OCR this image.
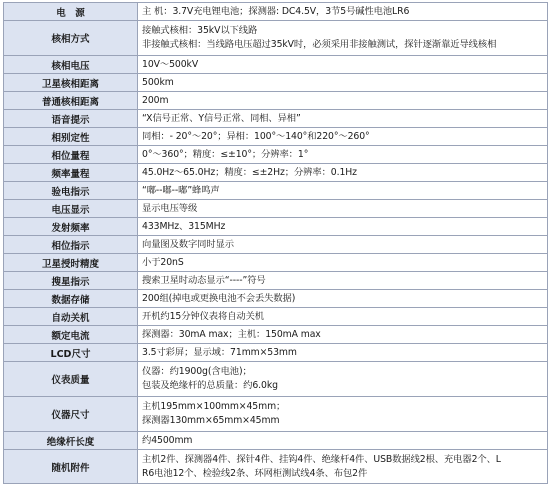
电　源	主 机：3.7V充电锂电池；探测器: DC4.5V，3节5号碱性电池LR6

核相方式	接触式核相：35kV以下线路
非接触式核相：当线路电压超过35kV时，必须采用非接触测试，探针逐渐靠近导线核相

核相电压	10V～500kV

卫星核相距离	500km

普通核相距离	200m

语音提示	“X信号正常、Y信号正常、同相、异相”

相别定性	同相：- 20°～20°；异相：100°～140°和220°～260°

相位量程	0°～360°；精度：≤±10°；分辨率：1°

频率量程	45.0Hz～65.0Hz；精度：≤±2Hz；分辨率：0.1Hz

验电指示	“嘟--嘟--嘟”蜂鸣声

电压显示	显示电压等级

发射频率	433MHz、315MHz

相位指示	向量图及数字同时显示

卫星授时精度	小于20nS

搜星指示	搜索卫星时动态显示“----”符号

数据存储	200组(掉电或更换电池不会丢失数据)

自动关机	开机约15分钟仪表将自动关机

额定电流	探测器：30mA max；主机：150mA max

LCD尺寸	3.5寸彩屏；显示域：71mm×53mm

仪表质量	仪器：约1900g(含电池)；
包装及绝缘杆的总质量：约6.0kg

仪器尺寸	主机195mm×100mm×45mm；
探测器130mm×65mm×45mm

绝缘杆长度	约4500mm

随机附件	主机2件、探测器4件、探针4件、挂钩4件、绝缘杆4件、USB数据线2根、充电器2个、L
R6电池12个、检验线2条、环网柜测试线4条、布包2件
